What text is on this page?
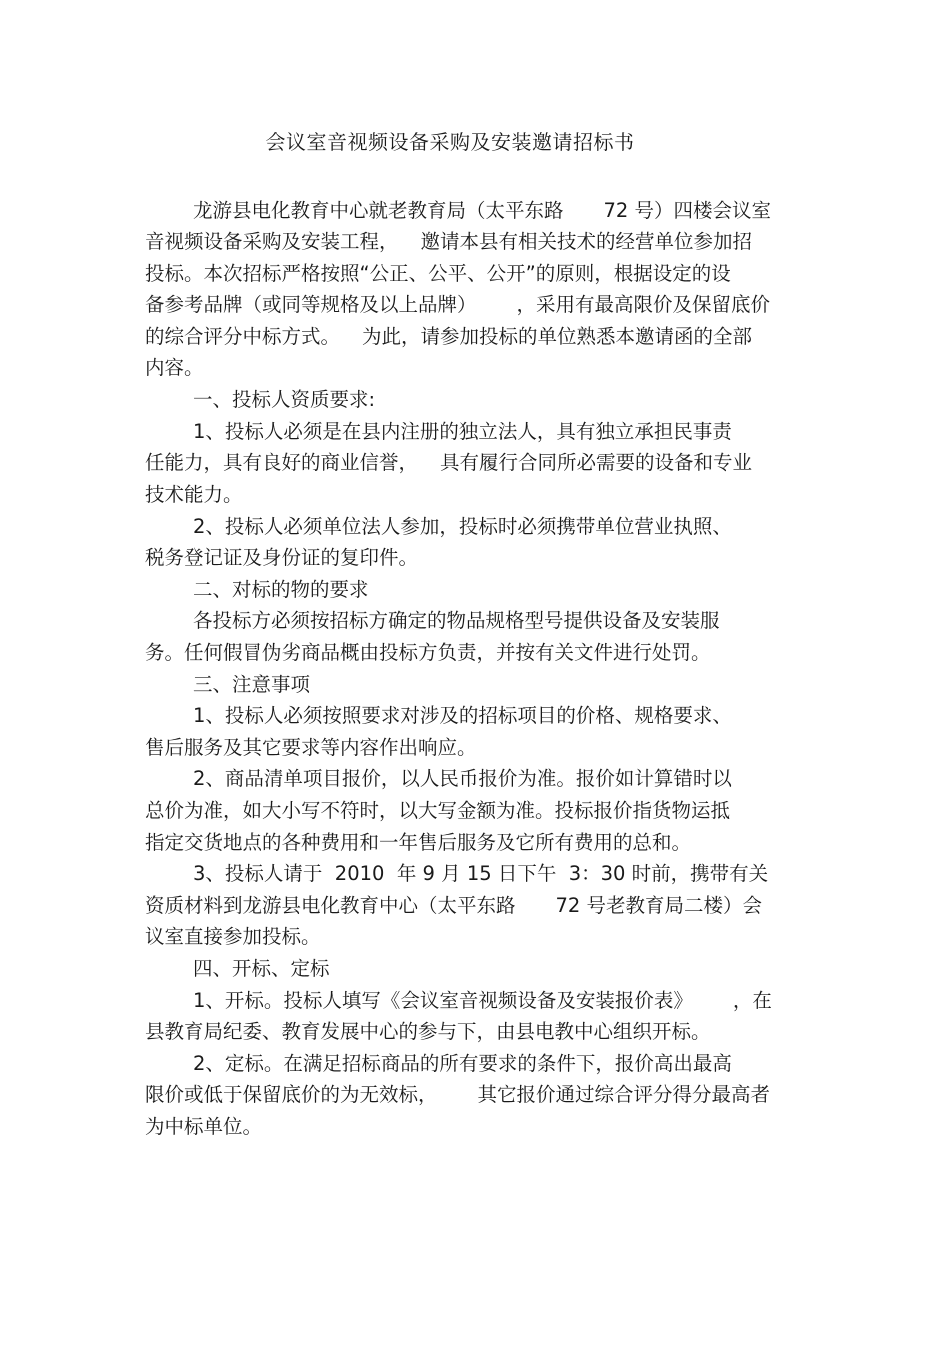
会议室音视频设备采购及安装邀请招标书
龙游县电化教育中心就老教育局（太平东路 72 号）四楼会议室
音视频设备采购及安装工程， 邀请本县有相关技术的经营单位参加招
投标。本次招标严格按照“公正、公平、公开”的原则，根据设定的设
备参考品牌（或同等规格及以上品牌） ，采用有最高限价及保留底价
的综合评分中标方式。 为此，请参加投标的单位熟悉本邀请函的全部
内容。
一、投标人资质要求:
1、投标人必须是在县内注册的独立法人，具有独立承担民事责
任能力，具有良好的商业信誉， 具有履行合同所必需要的设备和专业
技术能力。
2、投标人必须单位法人参加，投标时必须携带单位营业执照、
税务登记证及身份证的复印件。
二、对标的物的要求
各投标方必须按招标方确定的物品规格型号提供设备及安装服
务。任何假冒伪劣商品概由投标方负责，并按有关文件进行处罚。
三、注意事项
1、投标人必须按照要求对涉及的招标项目的价格、规格要求、
售后服务及其它要求等内容作出响应。
2、商品清单项目报价，以人民币报价为准。报价如计算错时以
总价为准，如大小写不符时，以大写金额为准。投标报价指货物运抵
指定交货地点的各种费用和一年售后服务及它所有费用的总和。
3、投标人请于  2010  年 9 月 15 日下午  3：30 时前，携带有关
资质材料到龙游县电化教育中心（太平东路 72 号老教育局二楼）会
议室直接参加投标。
四、开标、定标
1、开标。投标人填写《会议室音视频设备及安装报价表》 ，在
县教育局纪委、教育发展中心的参与下，由县电教中心组织开标。
2、定标。在满足招标商品的所有要求的条件下，报价高出最高
限价或低于保留底价的为无效标， 其它报价通过综合评分得分最高者
为中标单位。
